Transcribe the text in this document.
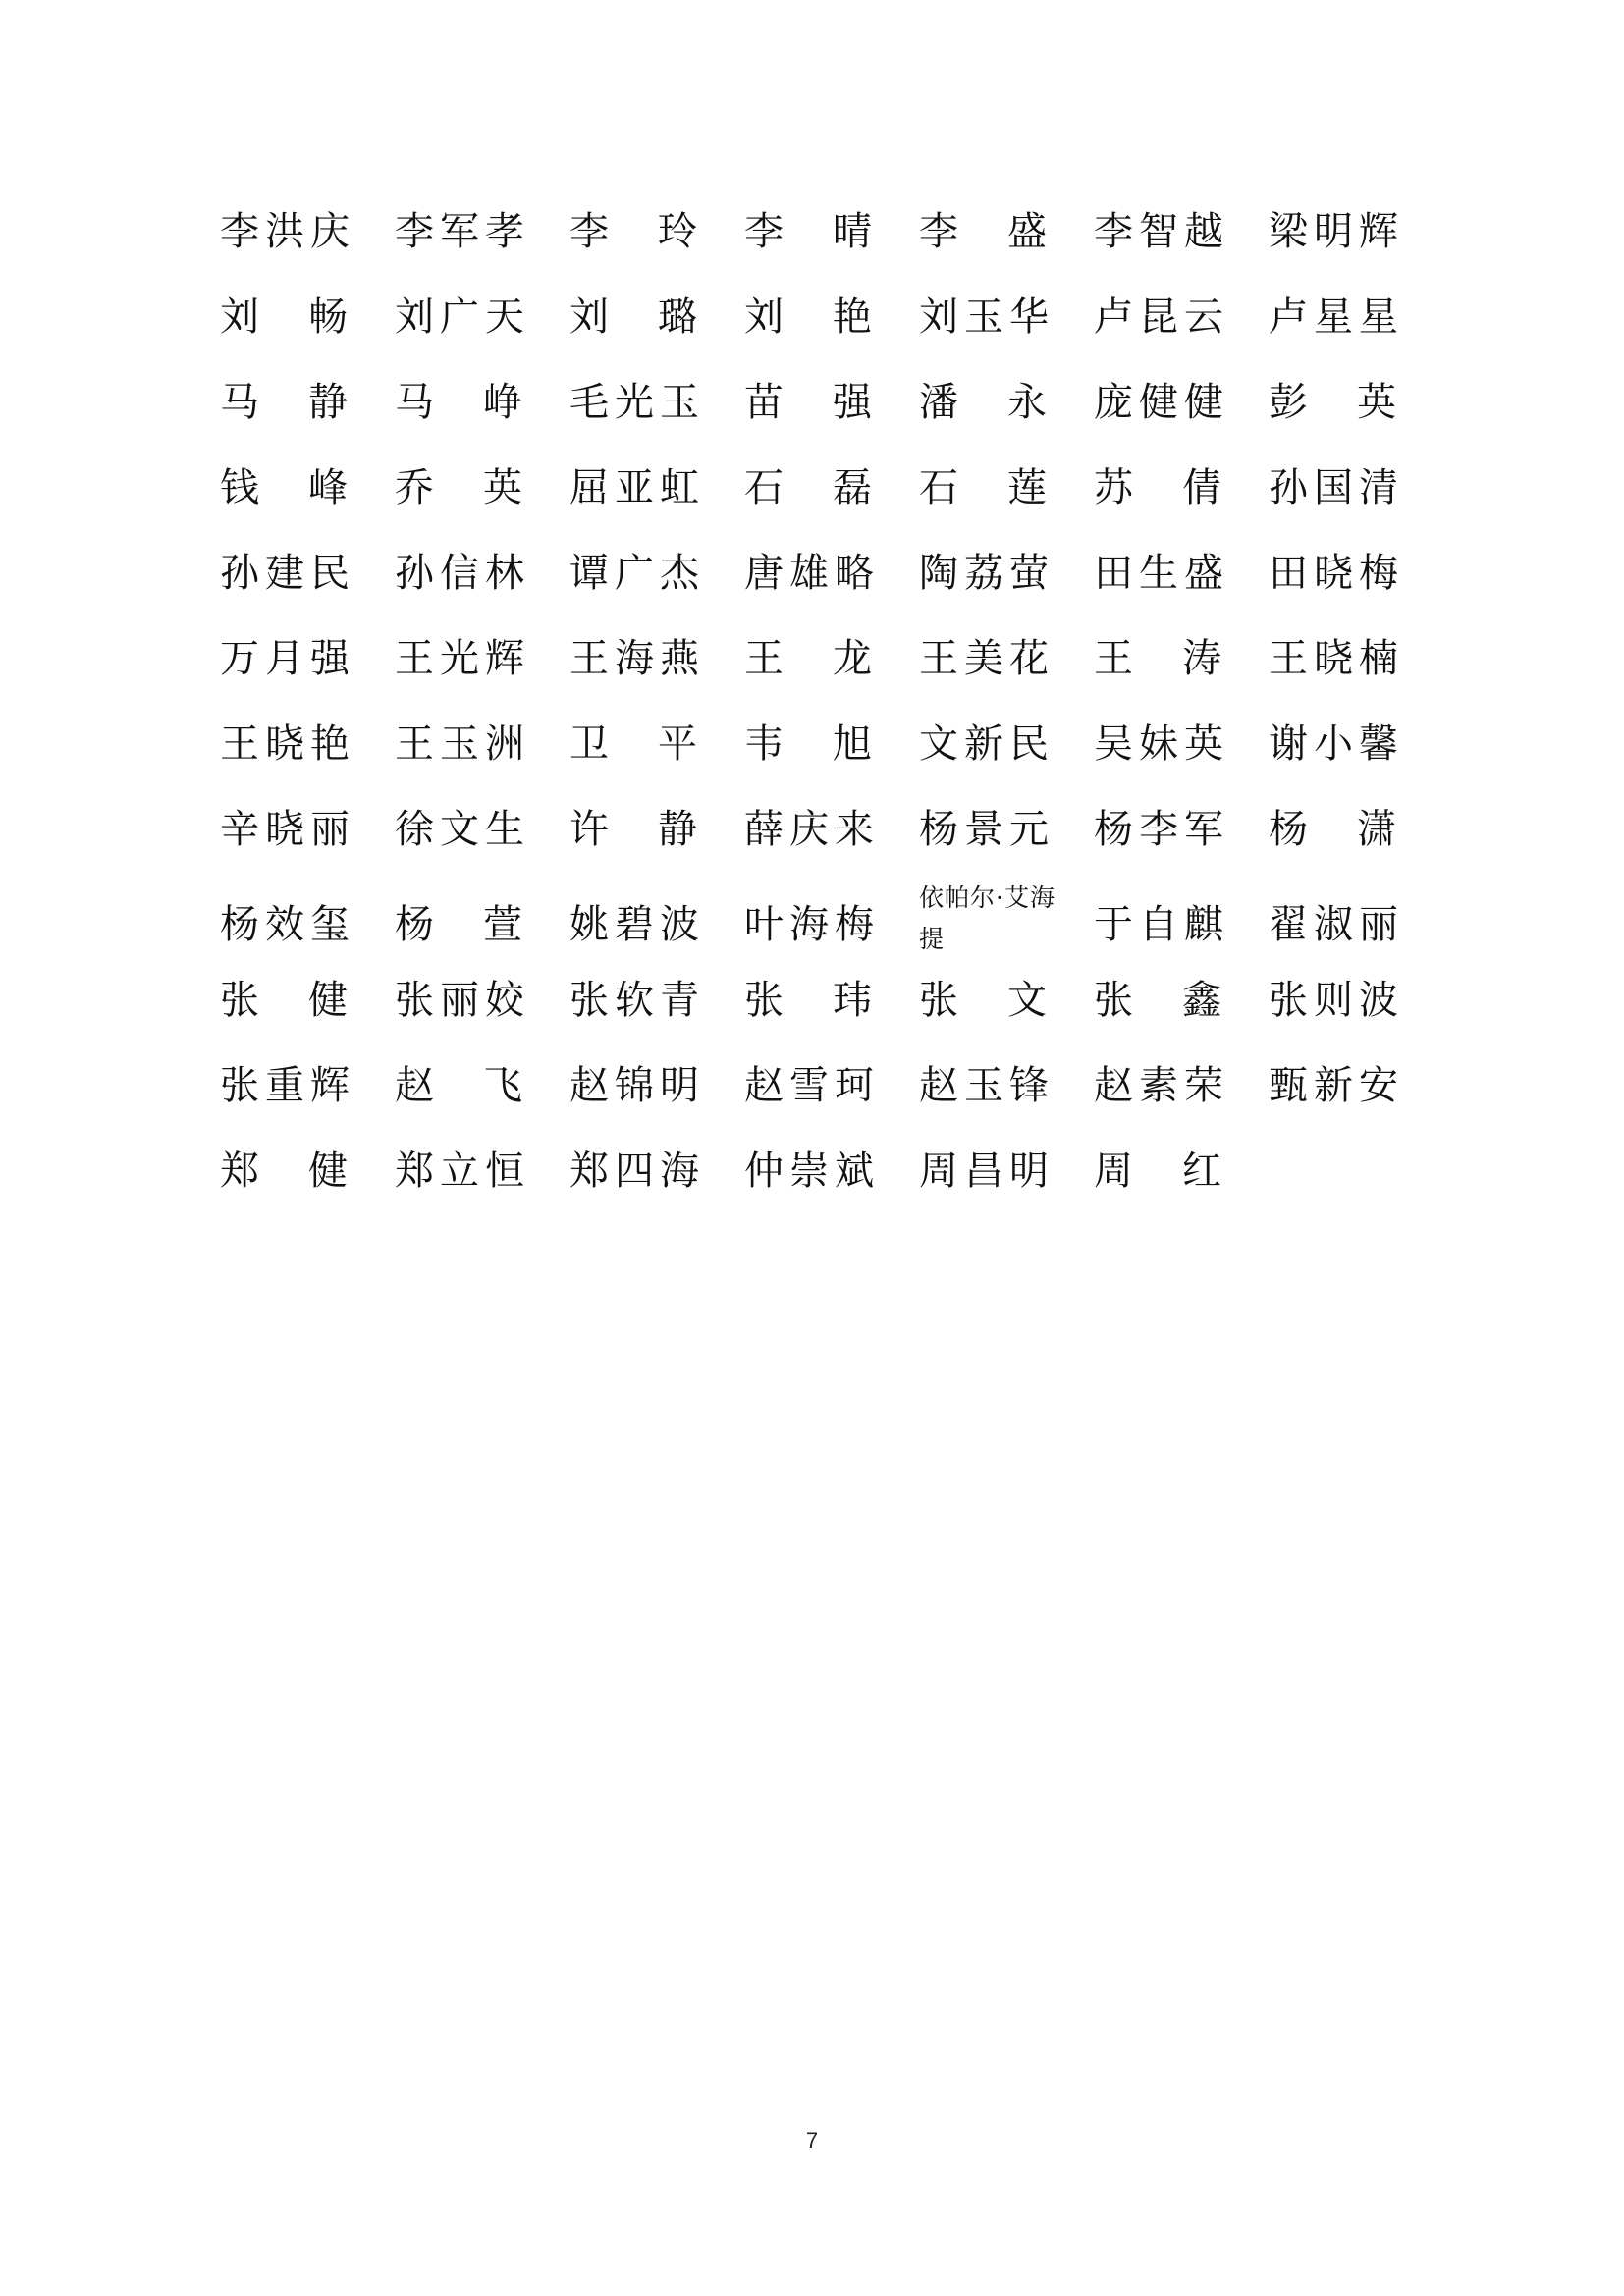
李洪庆 李军孝 李 玲 李 晴 李 盛 李智越 梁明辉
刘 畅 刘广天 刘 璐 刘 艳 刘玉华 卢昆云 卢星星
马 静 马 峥 毛光玉 苗 强 潘 永 庞健健 彭 英
钱 峰 乔 英 屈亚虹 石 磊 石 莲 苏 倩 孙国清
孙建民 孙信林 谭广杰 唐雄略 陶荔萤 田生盛 田晓梅
万月强 王光辉 王海燕 王 龙 王美花 王 涛 王晓楠
王晓艳 王玉洲 卫 平 韦 旭 文新民 吴妹英 谢小馨
辛晓丽 徐文生 许 静 薛庆来 杨景元 杨李军 杨 潇
杨效玺 杨 萱 姚碧波 叶海梅
依帕尔·艾海提	于自麒 翟淑丽
张 健 张丽姣 张软青 张 玮 张 文 张 鑫 张则波
张重辉 赵 飞 赵锦明 赵雪珂 赵玉锋 赵素荣 甄新安
郑 健 郑立恒 郑四海 仲崇斌 周昌明 周 红
7
